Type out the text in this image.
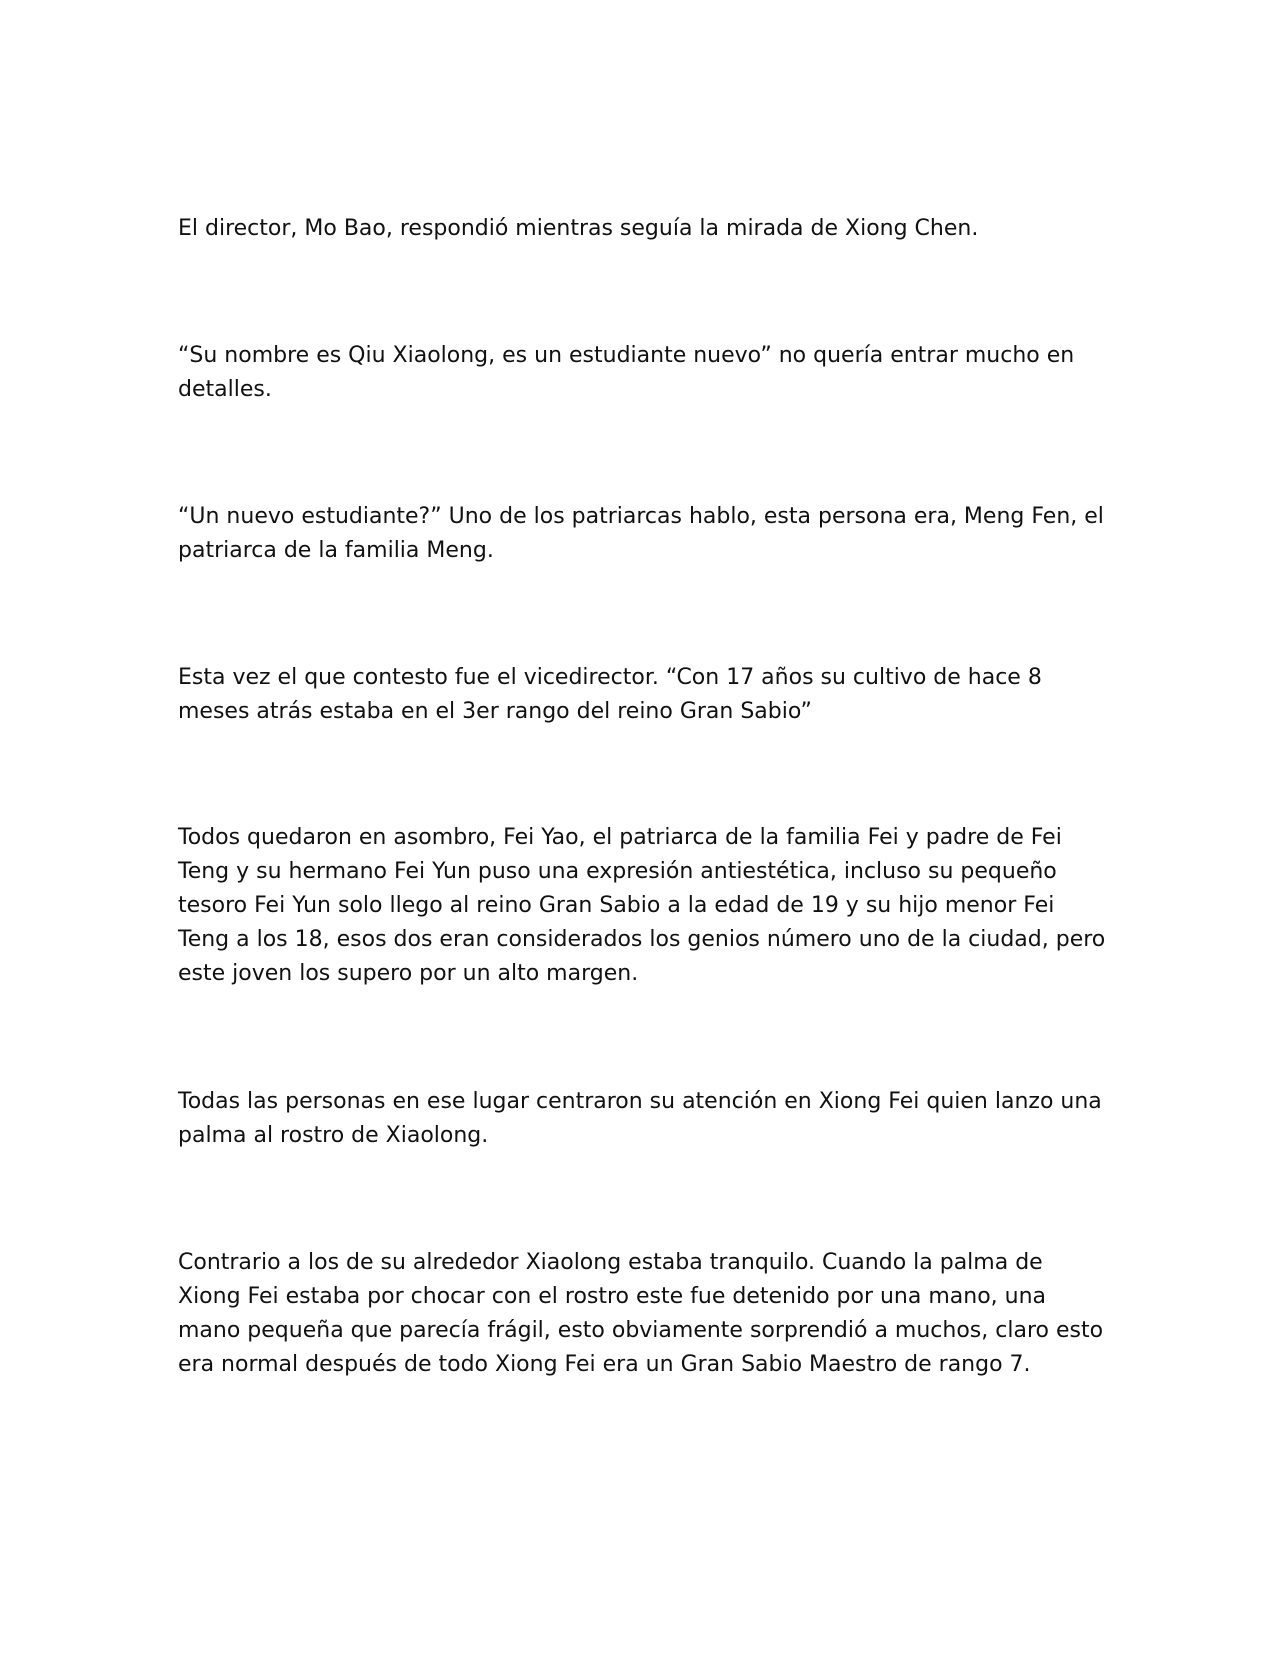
El director, Mo Bao, respondió mientras seguía la mirada de Xiong Chen.

“Su nombre es Qiu Xiaolong, es un estudiante nuevo” no quería entrar mucho en detalles.

“Un nuevo estudiante?” Uno de los patriarcas hablo, esta persona era, Meng Fen, el patriarca de la familia Meng.

Esta vez el que contesto fue el vicedirector. “Con 17 años su cultivo de hace 8 meses atrás estaba en el 3er rango del reino Gran Sabio”

Todos quedaron en asombro, Fei Yao, el patriarca de la familia Fei y padre de Fei Teng y su hermano Fei Yun puso una expresión antiestética, incluso su pequeño tesoro Fei Yun solo llego al reino Gran Sabio a la edad de 19 y su hijo menor Fei Teng a los 18, esos dos eran considerados los genios número uno de la ciudad, pero este joven los supero por un alto margen.

Todas las personas en ese lugar centraron su atención en Xiong Fei quien lanzo una palma al rostro de Xiaolong.

Contrario a los de su alrededor Xiaolong estaba tranquilo. Cuando la palma de Xiong Fei estaba por chocar con el rostro este fue detenido por una mano, una mano pequeña que parecía frágil, esto obviamente sorprendió a muchos, claro esto era normal después de todo Xiong Fei era un Gran Sabio Maestro de rango 7.
